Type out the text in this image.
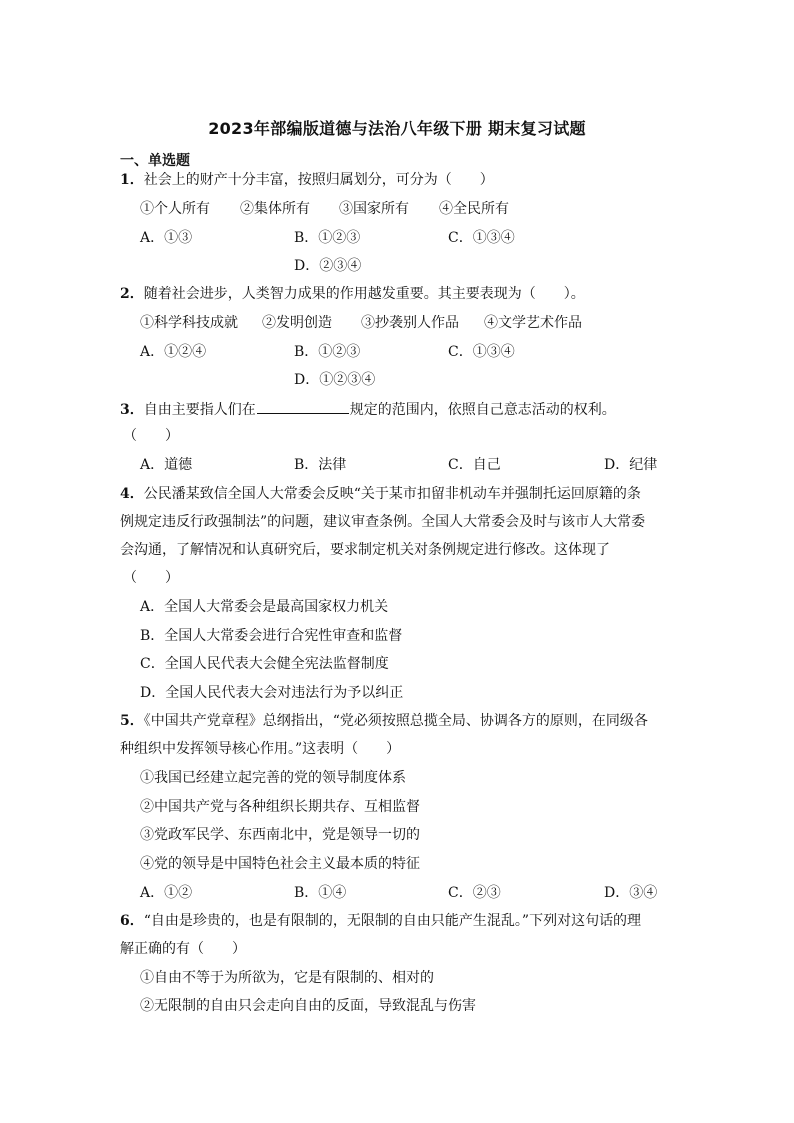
2023年部编版道德与法治八年级下册 期末复习试题
一、单选题
1．社会上的财产十分丰富，按照归属划分，可分为（　　）
①个人所有 ②集体所有 ③国家所有 ④全民所有
A．①③	B．①②③	C．①③④
D．②③④
2．随着社会进步，人类智力成果的作用越发重要。其主要表现为（　　）。
①科学科技成就 ②发明创造 ③抄袭别人作品 ④文学艺术作品
A．①②④	B．①②③	C．①③④
D．①②③④
3．自由主要指人们在	规定的范围内，依照自己意志活动的权利。
（　　）
A．道德	B．法律	C．自己	D．纪律
4．公民潘某致信全国人大常委会反映“关于某市扣留非机动车并强制托运回原籍的条
例规定违反行政强制法”的问题，建议审查条例。全国人大常委会及时与该市人大常委
会沟通，了解情况和认真研究后，要求制定机关对条例规定进行修改。这体现了
（　　）
A．全国人大常委会是最高国家权力机关
B．全国人大常委会进行合宪性审查和监督
C．全国人民代表大会健全宪法监督制度
D．全国人民代表大会对违法行为予以纠正
5．《中国共产党章程》总纲指出，“党必须按照总揽全局、协调各方的原则，在同级各
种组织中发挥领导核心作用。”这表明（　　）
①我国已经建立起完善的党的领导制度体系
②中国共产党与各种组织长期共存、互相监督
③党政军民学、东西南北中，党是领导一切的
④党的领导是中国特色社会主义最本质的特征
A．①②	B．①④	C．②③	D．③④
6．“自由是珍贵的，也是有限制的，无限制的自由只能产生混乱。”下列对这句话的理
解正确的有（　　）
①自由不等于为所欲为，它是有限制的、相对的
②无限制的自由只会走向自由的反面，导致混乱与伤害
